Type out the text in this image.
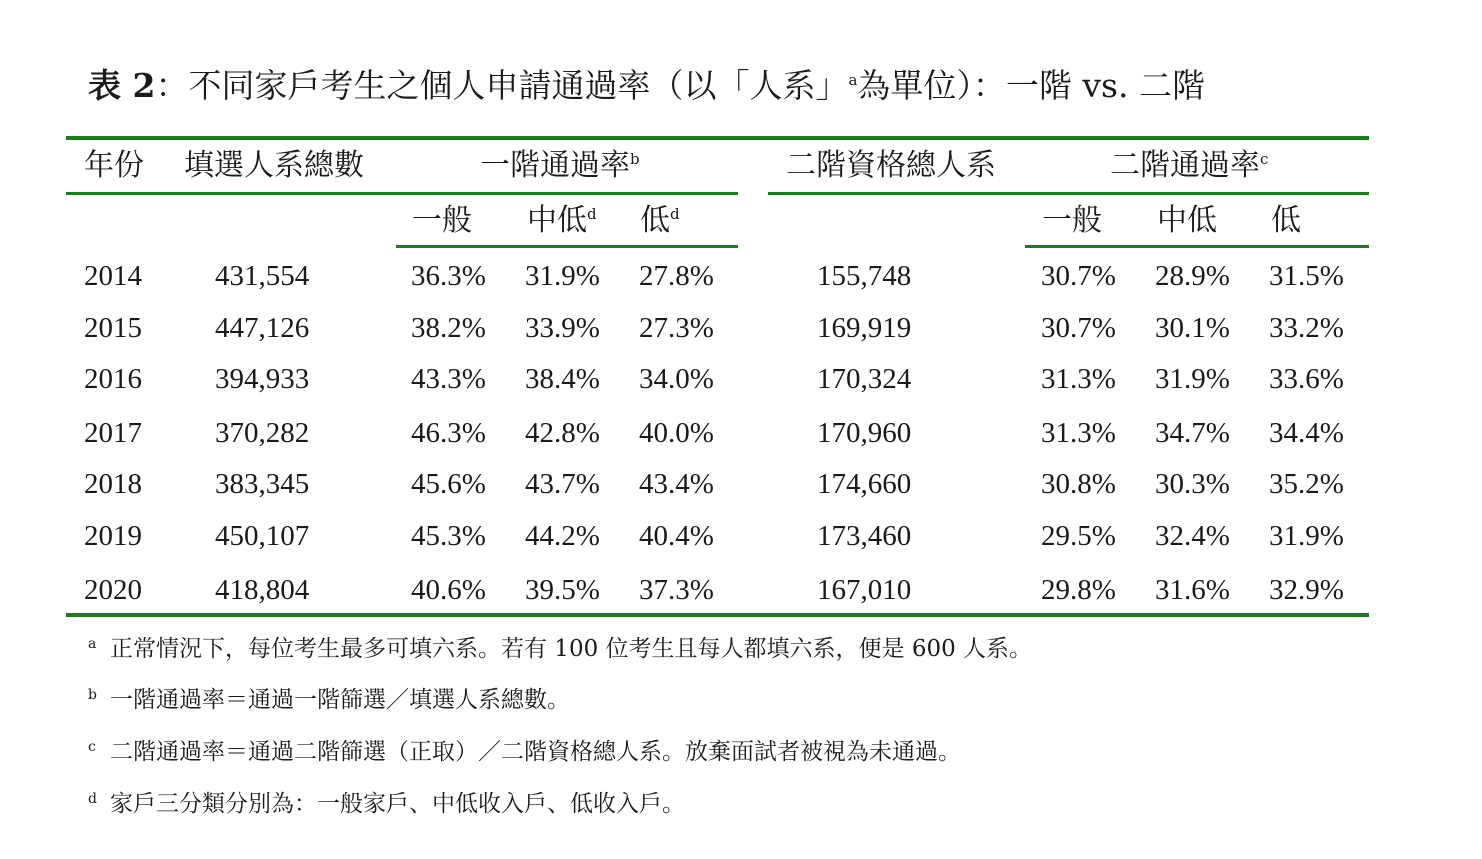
表 2：不同家戶考生之個人申請通過率（以「人系」$^a$為單位）：一階 vs. 二階
年份 填選人系總數	一階通過率$^b$	二階資格總人系	二階通過率$^c$
一般 中低$^d$ 低$^d$	一般 中低 低
2014	431,554	36.3% 31.9% 27.8%	155,748	30.7% 28.9% 31.5%
2015	447,126	38.2% 33.9% 27.3%	169,919	30.7% 30.1% 33.2%
2016	394,933	43.3% 38.4% 34.0%	170,324	31.3% 31.9% 33.6%
2017	370,282	46.3% 42.8% 40.0%	170,960	31.3% 34.7% 34.4%
2018	383,345	45.6% 43.7% 43.4%	174,660	30.8% 30.3% 35.2%
2019	450,107	45.3% 44.2% 40.4%	173,460	29.5% 32.4% 31.9%
2020	418,804	40.6% 39.5% 37.3%	167,010	29.8% 31.6% 32.9%
a 正常情況下，每位考生最多可填六系。若有 100 位考生且每人都填六系，便是 600 人系。
b 一階通過率＝通過一階篩選／填選人系總數。
c 二階通過率＝通過二階篩選（正取）／二階資格總人系。放棄面試者被視為未通過。
d 家戶三分類分別為：一般家戶、中低收入戶、低收入戶。
